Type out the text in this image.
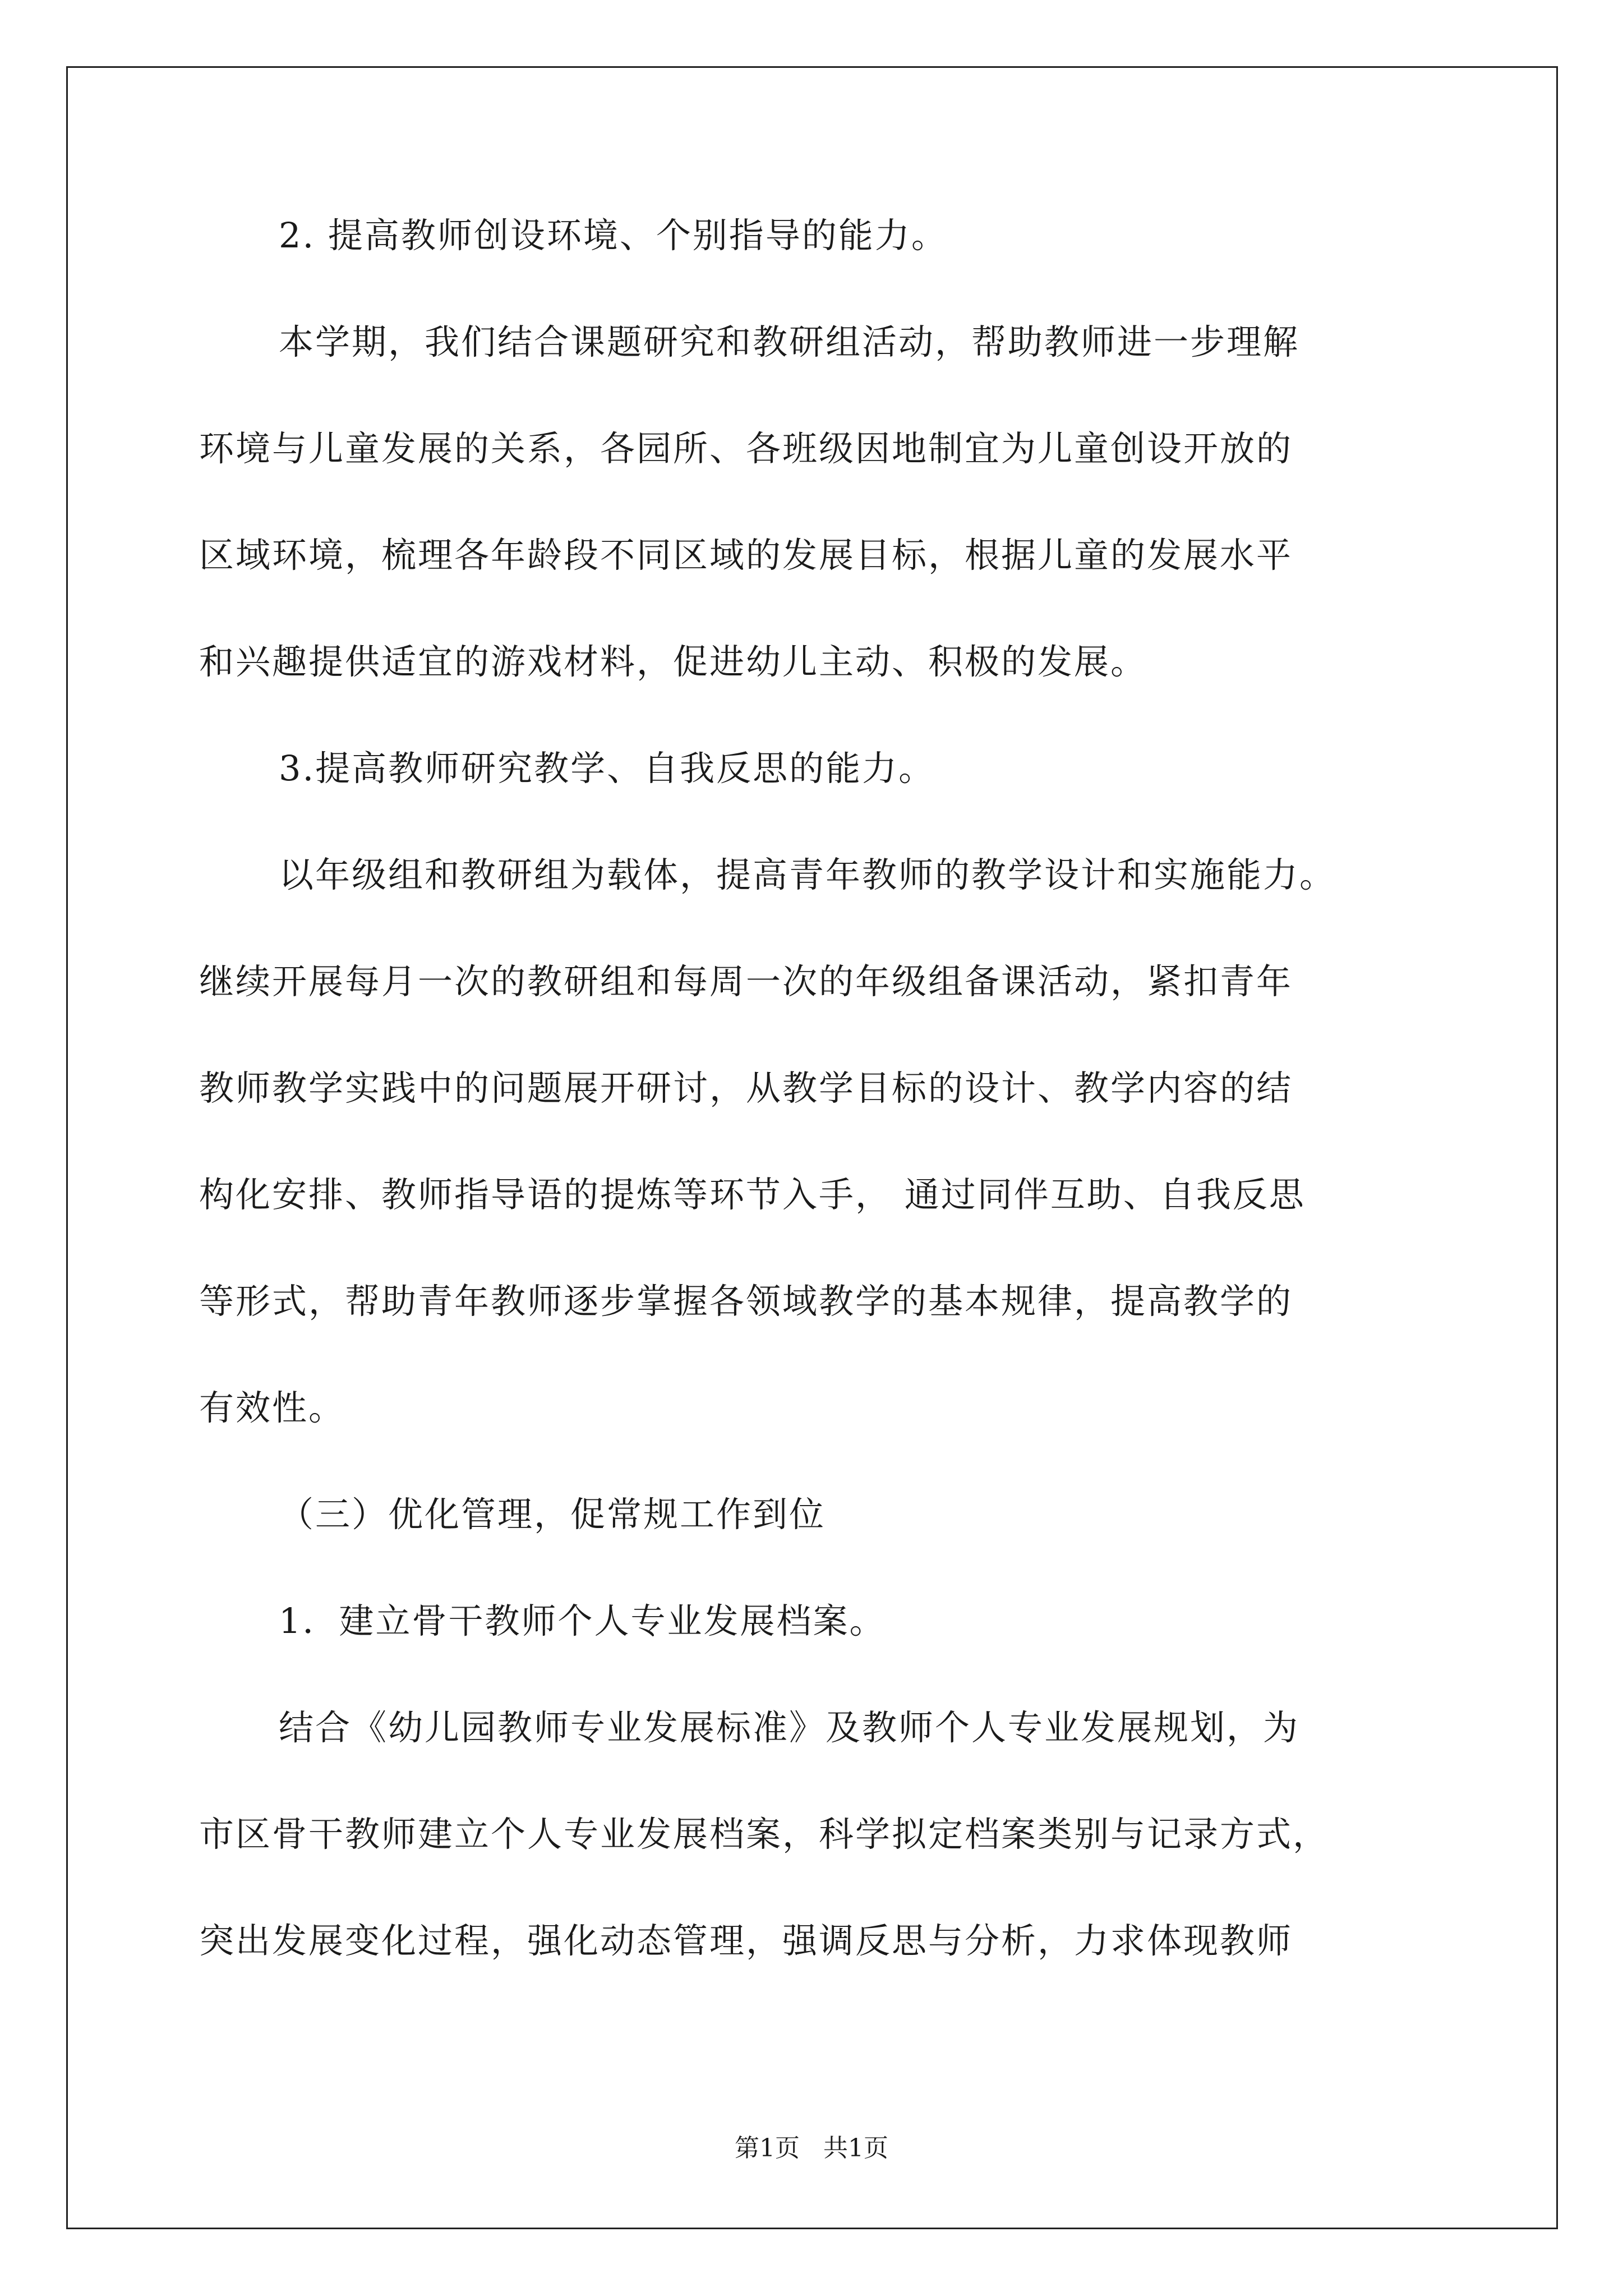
2. 提高教师创设环境、个别指导的能力。
本学期，我们结合课题研究和教研组活动，帮助教师进一步理解
环境与儿童发展的关系，各园所、各班级因地制宜为儿童创设开放的
区域环境，梳理各年龄段不同区域的发展目标，根据儿童的发展水平
和兴趣提供适宜的游戏材料，促进幼儿主动、积极的发展。
3.提高教师研究教学、自我反思的能力。
以年级组和教研组为载体，提高青年教师的教学设计和实施能力。
继续开展每月一次的教研组和每周一次的年级组备课活动，紧扣青年
教师教学实践中的问题展开研讨，从教学目标的设计、教学内容的结
构化安排、教师指导语的提炼等环节入手， 通过同伴互助、自我反思
等形式，帮助青年教师逐步掌握各领域教学的基本规律，提高教学的
有效性。
（三）优化管理，促常规工作到位
1．建立骨干教师个人专业发展档案。
结合《幼儿园教师专业发展标准》及教师个人专业发展规划，为
市区骨干教师建立个人专业发展档案，科学拟定档案类别与记录方式，
突出发展变化过程，强化动态管理，强调反思与分析，力求体现教师
第1页   共1页
